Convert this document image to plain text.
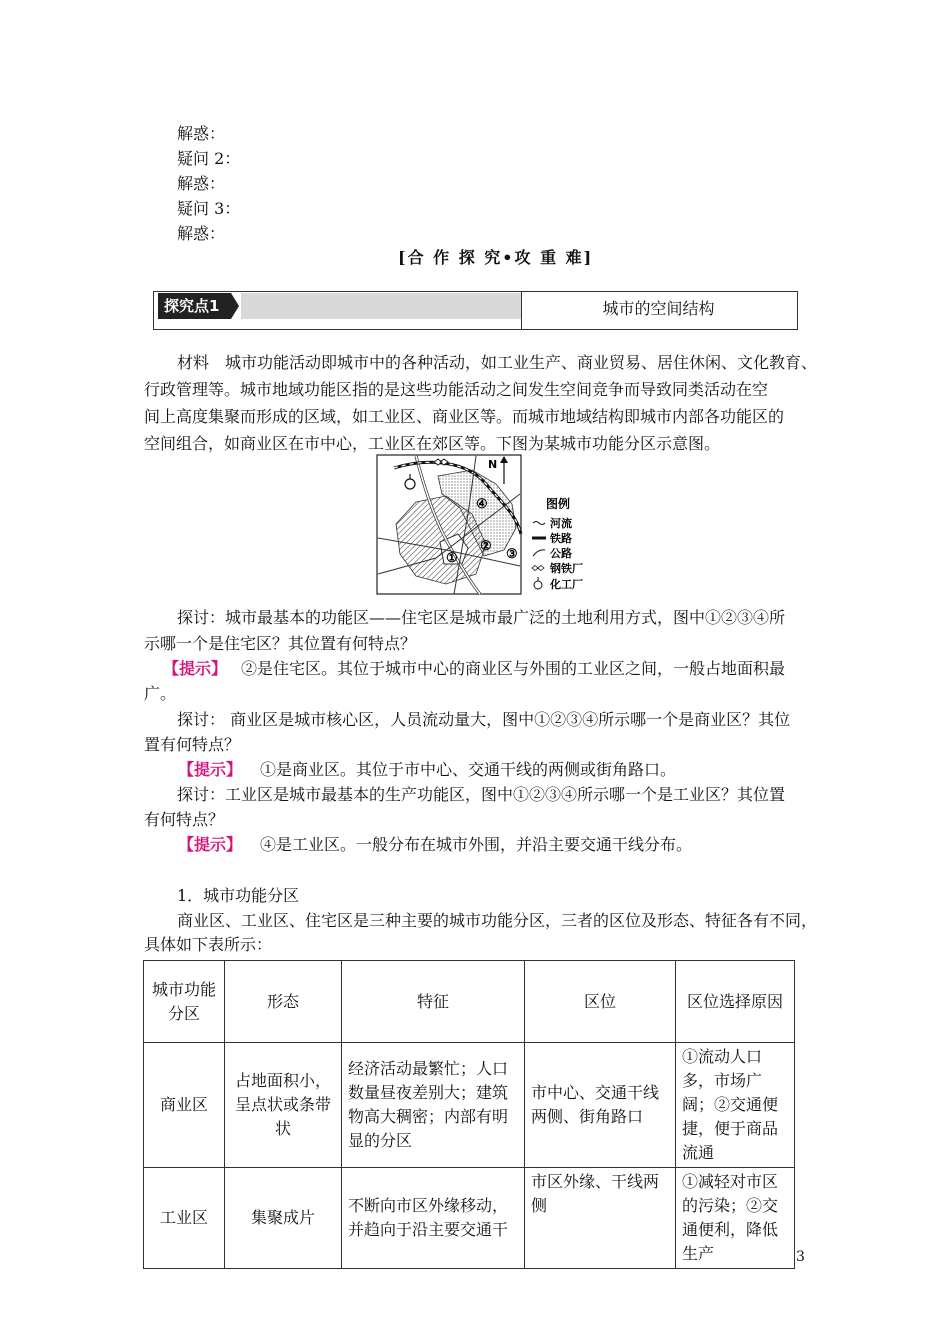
解惑：
疑问 2：
解惑：
疑问 3：
解惑：
[合 作 探 究•攻 重 难]
探究点1	城市的空间结构
材料　城市功能活动即城市中的各种活动，如工业生产、商业贸易、居住休闲、文化教育、
行政管理等。城市地域功能区指的是这些功能活动之间发生空间竞争而导致同类活动在空
间上高度集聚而形成的区域，如工业区、商业区等。而城市地域结构即城市内部各功能区的
空间组合，如商业区在市中心，工业区在郊区等。下图为某城市功能分区示意图。
N
④
②
③
①
图例
河流
铁路
公路
钢铁厂
化工厂
探讨：城市最基本的功能区——住宅区是城市最广泛的土地利用方式，图中①②③④所
示哪一个是住宅区？其位置有何特点？
【提示】 ②是住宅区。其位于城市中心的商业区与外围的工业区之间，一般占地面积最
广。
探讨： 商业区是城市核心区，人员流动量大，图中①②③④所示哪一个是商业区？其位
置有何特点？
【提示】 ①是商业区。其位于市中心、交通干线的两侧或街角路口。
探讨：工业区是城市最基本的生产功能区，图中①②③④所示哪一个是工业区？其位置
有何特点？
【提示】 ④是工业区。一般分布在城市外围，并沿主要交通干线分布。
1．城市功能分区
商业区、工业区、住宅区是三种主要的城市功能分区，三者的区位及形态、特征各有不同，
具体如下表所示：
城市功能分区	形态	特征	区位	区位选择原因
商业区	占地面积小，呈点状或条带状	经济活动最繁忙；人口数量昼夜差别大；建筑物高大稠密；内部有明显的分区	市中心、交通干线两侧、街角路口	①流动人口多，市场广阔；②交通便捷，便于商品流通
工业区	集聚成片	不断向市区外缘移动，并趋向于沿主要交通干	市区外缘、干线两侧	①减轻对市区的污染；②交通便利，降低生产	3
